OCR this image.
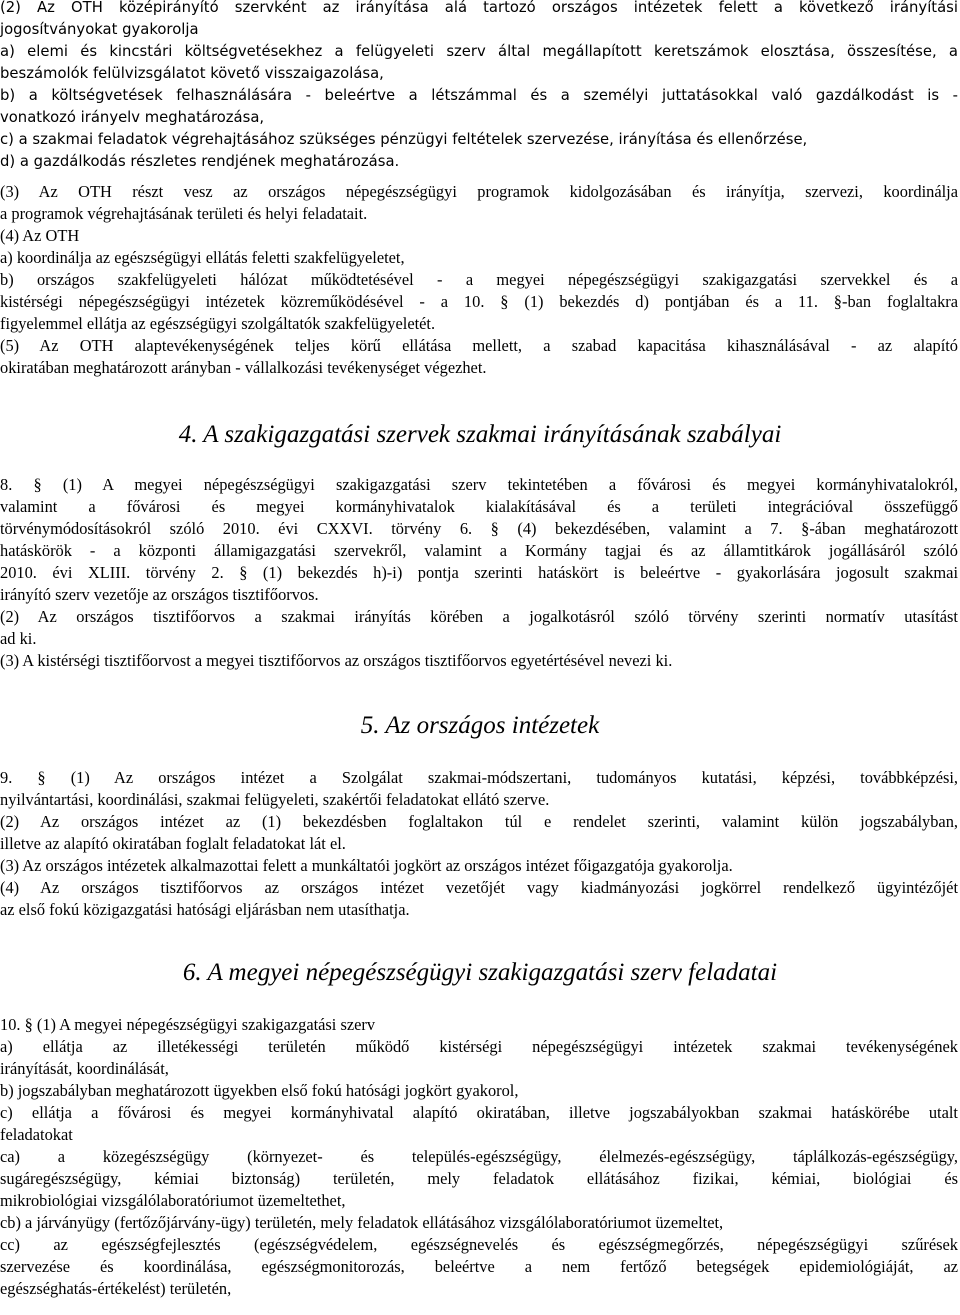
(2) Az OTH középirányító szervként az irányítása alá tartozó országos intézetek felett a következő irányítási
jogosítványokat gyakorolja
a) elemi és kincstári költségvetésekhez a felügyeleti szerv által megállapított keretszámok elosztása, összesítése, a
beszámolók felülvizsgálatot követő visszaigazolása,
b) a költségvetések felhasználására - beleértve a létszámmal és a személyi juttatásokkal való gazdálkodást is -
vonatkozó irányelv meghatározása,
c) a szakmai feladatok végrehajtásához szükséges pénzügyi feltételek szervezése, irányítása és ellenőrzése,
d) a gazdálkodás részletes rendjének meghatározása.
(3) Az OTH részt vesz az országos népegészségügyi programok kidolgozásában és irányítja, szervezi, koordinálja
a programok végrehajtásának területi és helyi feladatait.
(4) Az OTH
a) koordinálja az egészségügyi ellátás feletti szakfelügyeletet,
b) országos szakfelügyeleti hálózat működtetésével - a megyei népegészségügyi szakigazgatási szervekkel és a
kistérségi népegészségügyi intézetek közreműködésével - a 10. § (1) bekezdés d) pontjában és a 11. §-ban foglaltakra
figyelemmel ellátja az egészségügyi szolgáltatók szakfelügyeletét.
(5) Az OTH alaptevékenységének teljes körű ellátása mellett, a szabad kapacitása kihasználásával - az alapító
okiratában meghatározott arányban - vállalkozási tevékenységet végezhet.
4. A szakigazgatási szervek szakmai irányításának szabályai
8. § (1) A megyei népegészségügyi szakigazgatási szerv tekintetében a fővárosi és megyei kormányhivatalokról,
valamint a fővárosi és megyei kormányhivatalok kialakításával és a területi integrációval összefüggő
törvénymódosításokról szóló 2010. évi CXXVI. törvény 6. § (4) bekezdésében, valamint a 7. §-ában meghatározott
hatáskörök - a központi államigazgatási szervekről, valamint a Kormány tagjai és az államtitkárok jogállásáról szóló
2010. évi XLIII. törvény 2. § (1) bekezdés h)-i) pontja szerinti hatáskört is beleértve - gyakorlására jogosult szakmai
irányító szerv vezetője az országos tisztifőorvos.
(2) Az országos tisztifőorvos a szakmai irányítás körében a jogalkotásról szóló törvény szerinti normatív utasítást
ad ki.
(3) A kistérségi tisztifőorvost a megyei tisztifőorvos az országos tisztifőorvos egyetértésével nevezi ki.
5. Az országos intézetek
9. § (1) Az országos intézet a Szolgálat szakmai-módszertani, tudományos kutatási, képzési, továbbképzési,
nyilvántartási, koordinálási, szakmai felügyeleti, szakértői feladatokat ellátó szerve.
(2) Az országos intézet az (1) bekezdésben foglaltakon túl e rendelet szerinti, valamint külön jogszabályban,
illetve az alapító okiratában foglalt feladatokat lát el.
(3) Az országos intézetek alkalmazottai felett a munkáltatói jogkört az országos intézet főigazgatója gyakorolja.
(4) Az országos tisztifőorvos az országos intézet vezetőjét vagy kiadmányozási jogkörrel rendelkező ügyintézőjét
az első fokú közigazgatási hatósági eljárásban nem utasíthatja.
6. A megyei népegészségügyi szakigazgatási szerv feladatai
10. § (1) A megyei népegészségügyi szakigazgatási szerv
a) ellátja az illetékességi területén működő kistérségi népegészségügyi intézetek szakmai tevékenységének
irányítását, koordinálását,
b) jogszabályban meghatározott ügyekben első fokú hatósági jogkört gyakorol,
c) ellátja a fővárosi és megyei kormányhivatal alapító okiratában, illetve jogszabályokban szakmai hatáskörébe utalt
feladatokat
ca) a közegészségügy (környezet- és település-egészségügy, élelmezés-egészségügy, táplálkozás-egészségügy,
sugáregészségügy, kémiai biztonság) területén, mely feladatok ellátásához fizikai, kémiai, biológiai és
mikrobiológiai vizsgálólaboratóriumot üzemeltethet,
cb) a járványügy (fertőzőjárvány-ügy) területén, mely feladatok ellátásához vizsgálólaboratóriumot üzemeltet,
cc) az egészségfejlesztés (egészségvédelem, egészségnevelés és egészségmegőrzés, népegészségügyi szűrések
szervezése és koordinálása, egészségmonitorozás, beleértve a nem fertőző betegségek epidemiológiáját, az
egészséghatás-értékelést) területén,
